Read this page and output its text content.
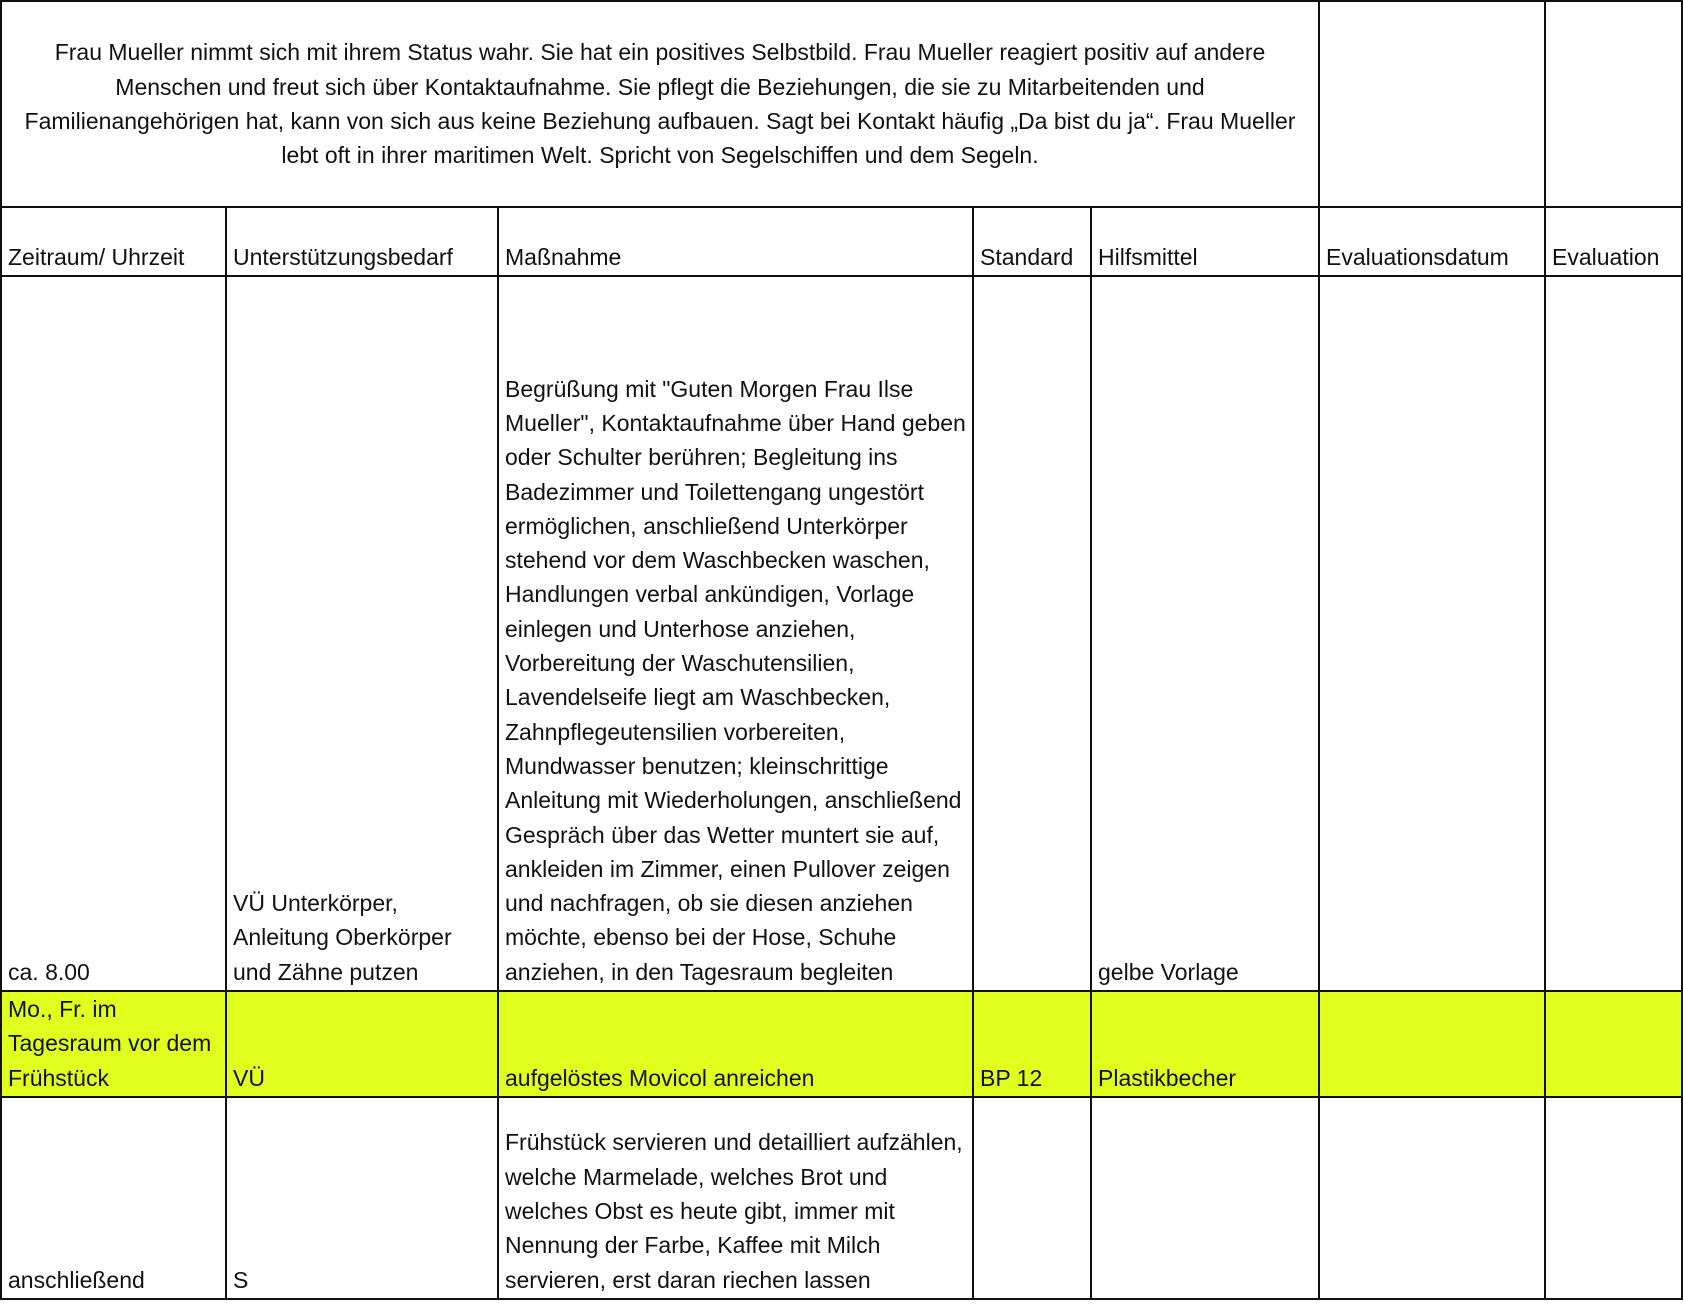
Frau Mueller nimmt sich mit ihrem Status wahr. Sie hat ein positives Selbstbild. Frau Mueller reagiert positiv auf andere Menschen und freut sich über Kontaktaufnahme. Sie pflegt die Beziehungen, die sie zu Mitarbeitenden und Familienangehörigen hat, kann von sich aus keine Beziehung aufbauen. Sagt bei Kontakt häufig „Da bist du ja“. Frau Mueller lebt oft in ihrer maritimen Welt. Spricht von Segelschiffen und dem Segeln.						
Zeitraum/ Uhrzeit	Unterstützungsbedarf	Maßnahme	Standard	Hilfsmittel	Evaluationsdatum	Evaluation
ca. 8.00	VÜ Unterkörper, Anleitung Oberkörper und Zähne putzen	Begrüßung mit "Guten Morgen Frau Ilse Mueller", Kontaktaufnahme über Hand geben oder Schulter berühren; Begleitung ins Badezimmer und Toilettengang ungestört ermöglichen, anschließend Unterkörper stehend vor dem Waschbecken waschen, Handlungen verbal ankündigen, Vorlage einlegen und Unterhose anziehen, Vorbereitung der Waschutensilien, Lavendelseife liegt am Waschbecken, Zahnpflegeutensilien vorbereiten, Mundwasser benutzen; kleinschrittige Anleitung mit Wiederholungen, anschließend Gespräch über das Wetter muntert sie auf, ankleiden im Zimmer, einen Pullover zeigen und nachfragen, ob sie diesen anziehen möchte, ebenso bei der Hose, Schuhe anziehen, in den Tagesraum begleiten		gelbe Vorlage		
Mo., Fr. im Tagesraum vor dem Frühstück	VÜ	aufgelöstes Movicol anreichen	BP 12	Plastikbecher		
anschließend	S	Frühstück servieren und detailliert aufzählen, welche Marmelade, welches Brot und welches Obst es heute gibt, immer mit Nennung der Farbe, Kaffee mit Milch servieren, erst daran riechen lassen				
